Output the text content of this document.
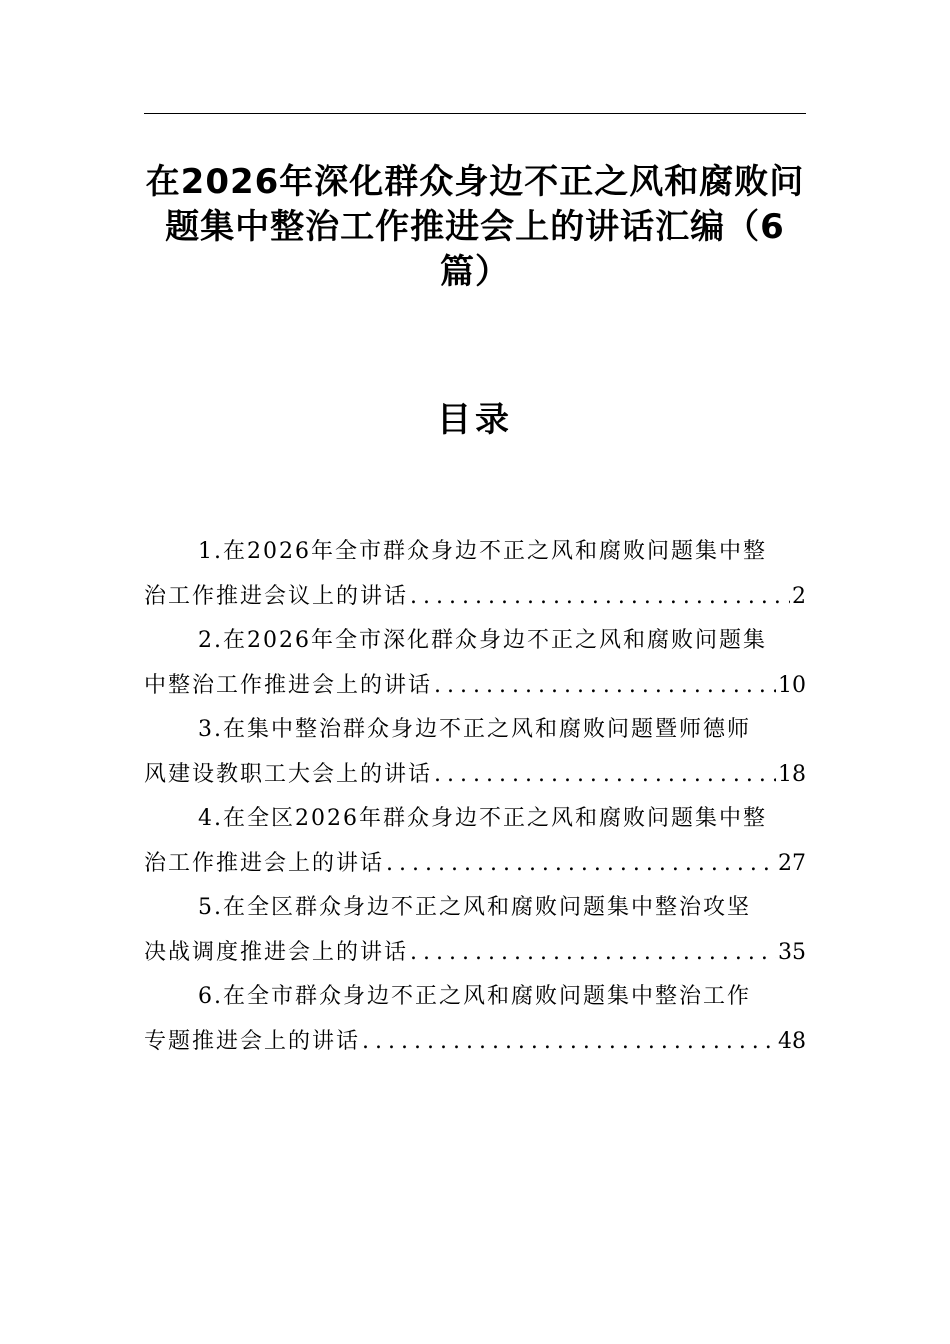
在2026年深化群众身边不正之风和腐败问题集中整治工作推进会上的讲话汇编（6篇）
目录
1.在2026年全市群众身边不正之风和腐败问题集中整
治工作推进会议上的讲话 .....	2
2.在2026年全市深化群众身边不正之风和腐败问题集
中整治工作推进会上的讲话 .....	10
3.在集中整治群众身边不正之风和腐败问题暨师德师
风建设教职工大会上的讲话 .....	18
4.在全区2026年群众身边不正之风和腐败问题集中整
治工作推进会上的讲话 .....	27
5.在全区群众身边不正之风和腐败问题集中整治攻坚
决战调度推进会上的讲话 .....	35
6.在全市群众身边不正之风和腐败问题集中整治工作
专题推进会上的讲话 .....	48
